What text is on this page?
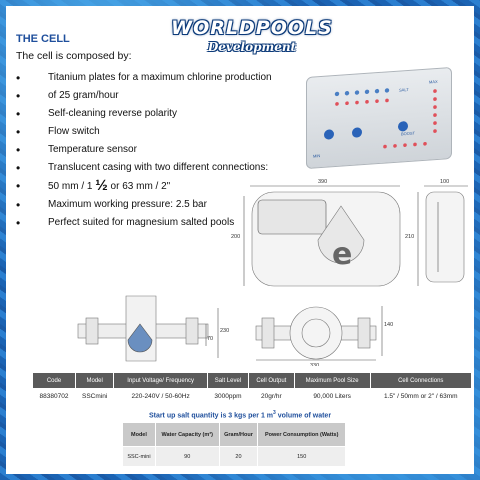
WORLDPOOLS
Development
THE CELL
The cell is composed by:
• Titanium plates for a maximum chlorine production
• of 25 gram/hour
• Self-cleaning reverse polarity
• Flow switch
• Temperature sensor
• Translucent casing with two different connections:
• 50 mm / 1 ½ or 63 mm / 2"
• Maximum working pressure: 2.5 bar
• Perfect suited for magnesium salted pools
SALT
MAX
MIN
BOOST
e
390
200
100
210
230
70
330
140
Code	Model	Input Voltage/ Frequency	Salt Level	Cell Output	Maximum Pool Size	Cell Connections
88380702	SSCmini	220-240V / 50-60Hz	3000ppm	20gr/hr	90,000 Liters	1.5" / 50mm or 2" / 63mm
Start up salt quantity is 3 kgs per 1 $m^3$ volume of water
Model	Water Capacity (m³)	Gram/Hour	Power Consumption (Watts)
SSC-mini	90	20	150
